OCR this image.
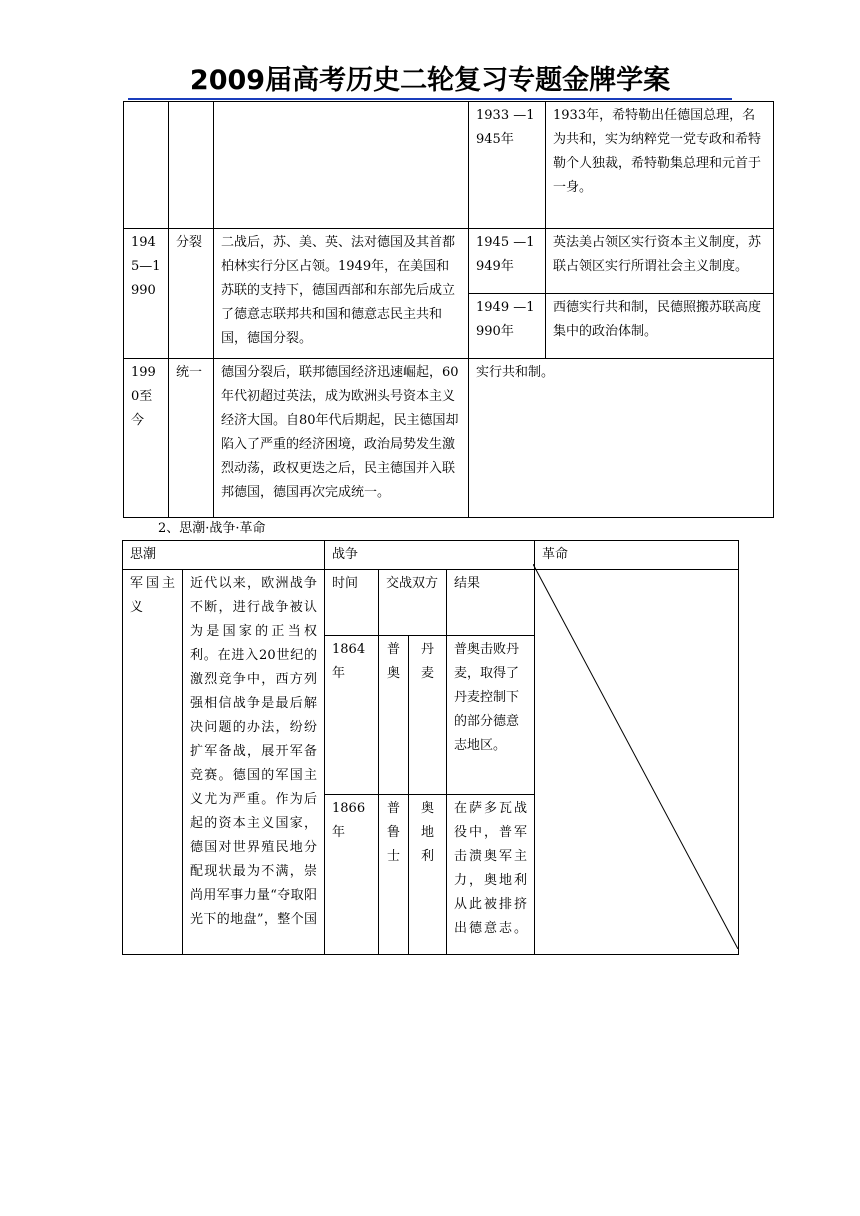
2009届高考历史二轮复习专题金牌学案
			1933 —1945年	1933年，希特勒出任德国总理，名为共和，实为纳粹党一党专政和希特勒个人独裁，希特勒集总理和元首于一身。
1945—1990	分裂	二战后，苏、美、英、法对德国及其首都柏林实行分区占领。1949年，在美国和苏联的支持下，德国西部和东部先后成立了德意志联邦共和国和德意志民主共和国，德国分裂。	1945 —1949年	英法美占领区实行资本主义制度，苏联占领区实行所谓社会主义制度。
			1949 —1990年	西德实行共和制，民德照搬苏联高度集中的政治体制。
1990至今	统一	德国分裂后，联邦德国经济迅速崛起，60年代初超过英法，成为欧洲头号资本主义经济大国。自80年代后期起，民主德国却陷入了严重的经济困境，政治局势发生激烈动荡，政权更迭之后，民主德国并入联邦德国，德国再次完成统一。	实行共和制。	
2、思潮·战争·革命
思潮		战争				革命
军国主义	近代以来，欧洲战争不断，进行战争被认为是国家的正当权利。在进入20世纪的激烈竞争中，西方列强相信战争是最后解决问题的办法，纷纷扩军备战，展开军备竞赛。德国的军国主义尤为严重。作为后起的资本主义国家，德国对世界殖民地分配现状最为不满，崇尚用军事力量“夺取阳光下的地盘”，整个国	时间	交战双方		结果	
		1864年	普奥	丹麦	普奥击败丹麦，取得了丹麦控制下的部分德意志地区。	
		1866年	普鲁士	奥地利	在萨多瓦战役中，普军击溃奥军主力，奥地利从此被排挤出德意志。	
